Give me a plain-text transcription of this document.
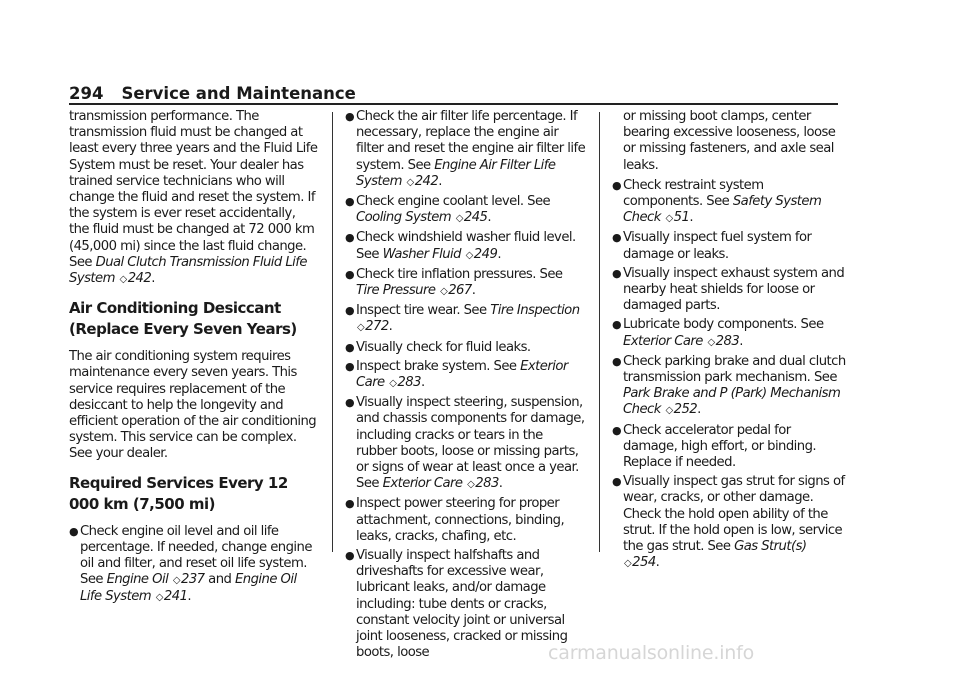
294 Service and Maintenance

transmission performance. The transmission fluid must be changed at least every three years and the Fluid Life System must be reset. Your dealer has trained service technicians who will change the fluid and reset the system. If the system is ever reset accidentally, the fluid must be changed at 72 000 km (45,000 mi) since the last fluid change. See Dual Clutch Transmission Fluid Life System ◇242.

Air Conditioning Desiccant (Replace Every Seven Years)

The air conditioning system requires maintenance every seven years. This service requires replacement of the desiccant to help the longevity and efficient operation of the air conditioning system. This service can be complex. See your dealer.

Required Services Every 12 000 km (7,500 mi)
● Check engine oil level and oil life percentage. If needed, change engine oil and filter, and reset oil life system. See Engine Oil ◇237 and Engine Oil Life System ◇241.
● Check the air filter life percentage. If necessary, replace the engine air filter and reset the engine air filter life system. See Engine Air Filter Life System ◇242.
● Check engine coolant level. See Cooling System ◇245.
● Check windshield washer fluid level. See Washer Fluid ◇249.
● Check tire inflation pressures. See Tire Pressure ◇267.
● Inspect tire wear. See Tire Inspection ◇272.
● Visually check for fluid leaks.
● Inspect brake system. See Exterior Care ◇283.
● Visually inspect steering, suspension, and chassis components for damage, including cracks or tears in the rubber boots, loose or missing parts, or signs of wear at least once a year. See Exterior Care ◇283.
● Inspect power steering for proper attachment, connections, binding, leaks, cracks, chafing, etc.
● Visually inspect halfshafts and driveshafts for excessive wear, lubricant leaks, and/or damage including: tube dents or cracks, constant velocity joint or universal joint looseness, cracked or missing boots, loose

or missing boot clamps, center bearing excessive looseness, loose or missing fasteners, and axle seal leaks.

● Check restraint system components. See Safety System Check ◇51.
● Visually inspect fuel system for damage or leaks.
● Visually inspect exhaust system and nearby heat shields for loose or damaged parts.
● Lubricate body components. See Exterior Care ◇283.
● Check parking brake and dual clutch transmission park mechanism. See Park Brake and P (Park) Mechanism Check ◇252.
● Check accelerator pedal for damage, high effort, or binding. Replace if needed.
● Visually inspect gas strut for signs of wear, cracks, or other damage. Check the hold open ability of the strut. If the hold open is low, service the gas strut. See Gas Strut(s) ◇254.
carmanualsonline.info
